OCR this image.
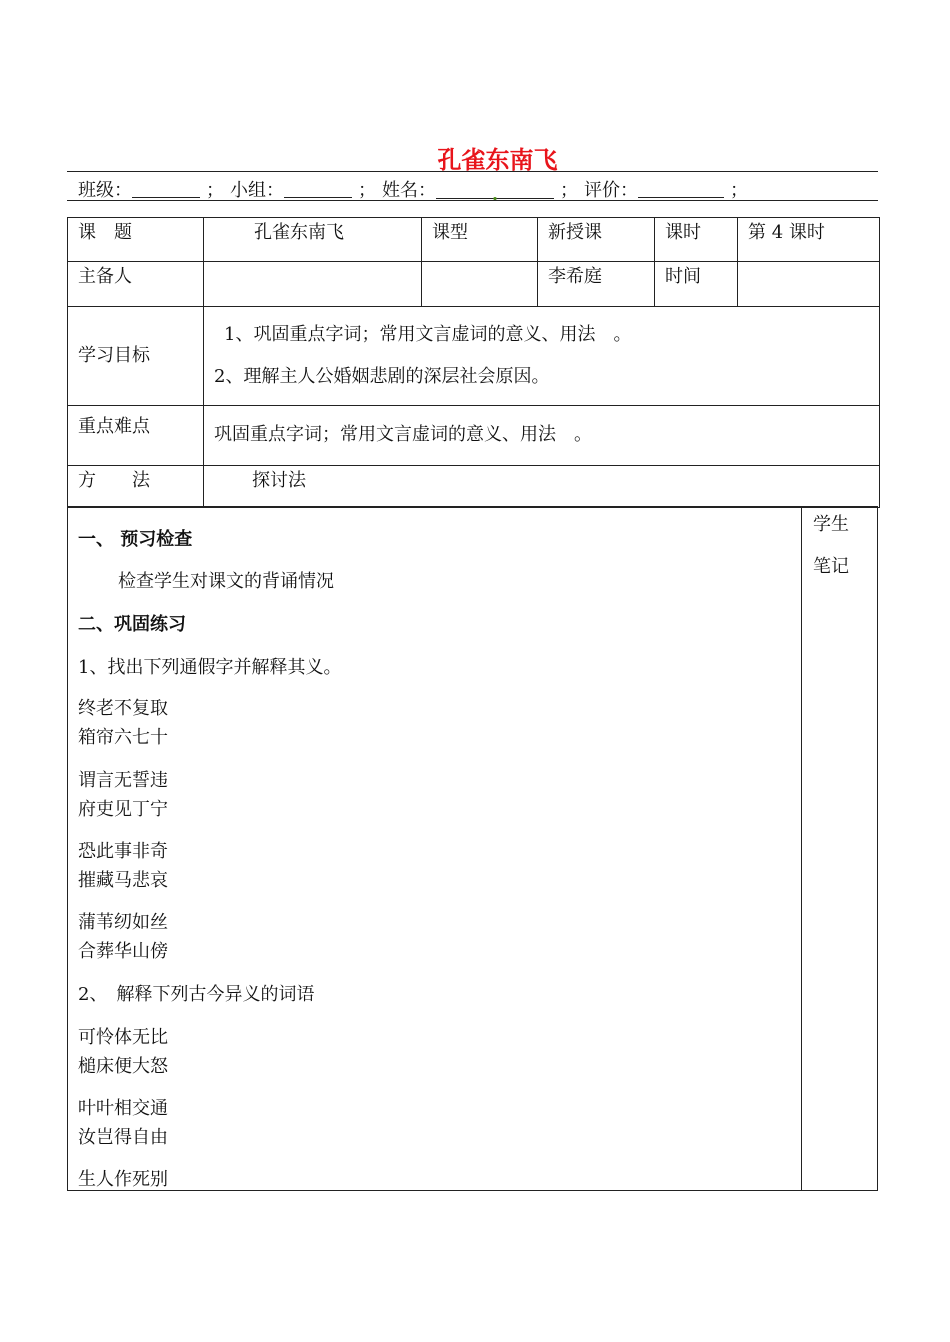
孔雀东南飞
班级：	； 小组：	； 姓名：	.	； 评价：	；
课　题	孔雀东南飞	课型	新授课	课时	第 4 课时
主备人			李希庭	时间	
学习目标	1、巩固重点字词；常用文言虚词的意义、用法　。
2、理解主人公婚姻悲剧的深层社会原因。				

重点难点	巩固重点字词；常用文言虚词的意义、用法　。				
方　　法	探讨法				
学生
笔记
一、 预习检查
检查学生对课文的背诵情况
二、巩固练习
1、找出下列通假字并解释其义。
终老不复取
箱帘六七十
谓言无誓违
府吏见丁宁
恐此事非奇
摧藏马悲哀
蒲苇纫如丝
合葬华山傍
2、　解释下列古今异义的词语
可怜体无比
槌床便大怒
叶叶相交通
汝岂得自由
生人作死别
